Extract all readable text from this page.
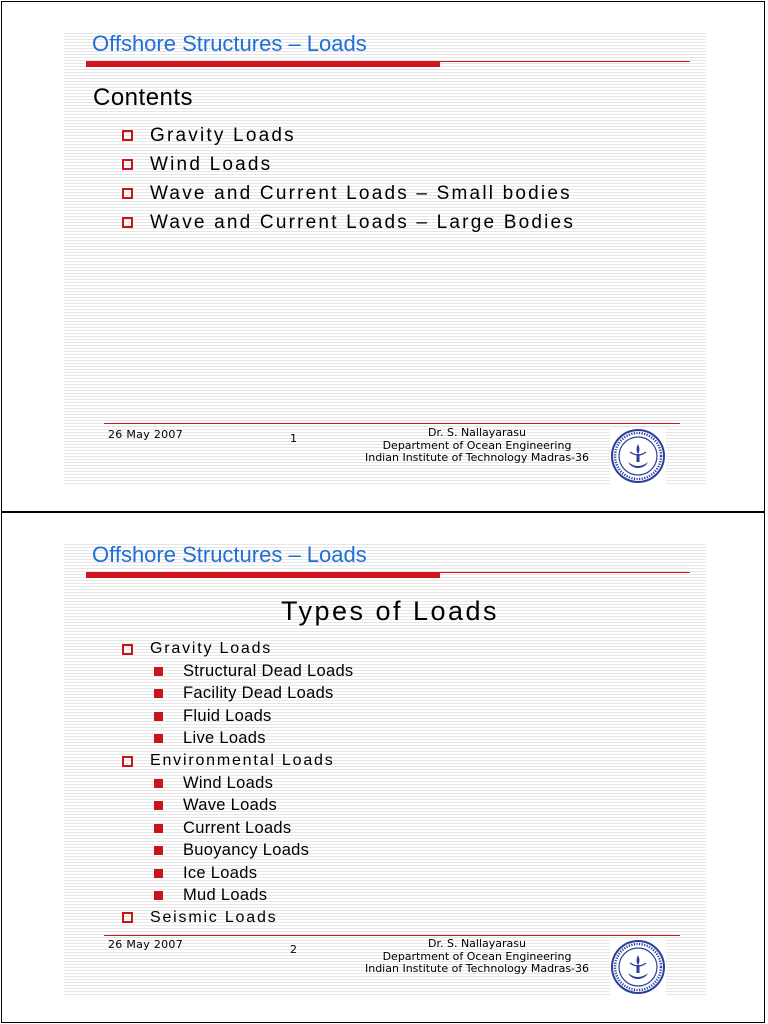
Offshore Structures – Loads
Contents
Gravity Loads
Wind Loads
Wave and Current Loads – Small bodies
Wave and Current Loads – Large Bodies
26 May 2007	1	Dr. S. Nallayarasu
Department of Ocean Engineering
Indian Institute of Technology Madras-36
Offshore Structures – Loads
Types of Loads
Gravity Loads
Structural Dead Loads
Facility Dead Loads
Fluid Loads
Live Loads
Environmental Loads
Wind Loads
Wave Loads
Current Loads
Buoyancy Loads
Ice Loads
Mud Loads
Seismic Loads
26 May 2007	2	Dr. S. Nallayarasu
Department of Ocean Engineering
Indian Institute of Technology Madras-36
